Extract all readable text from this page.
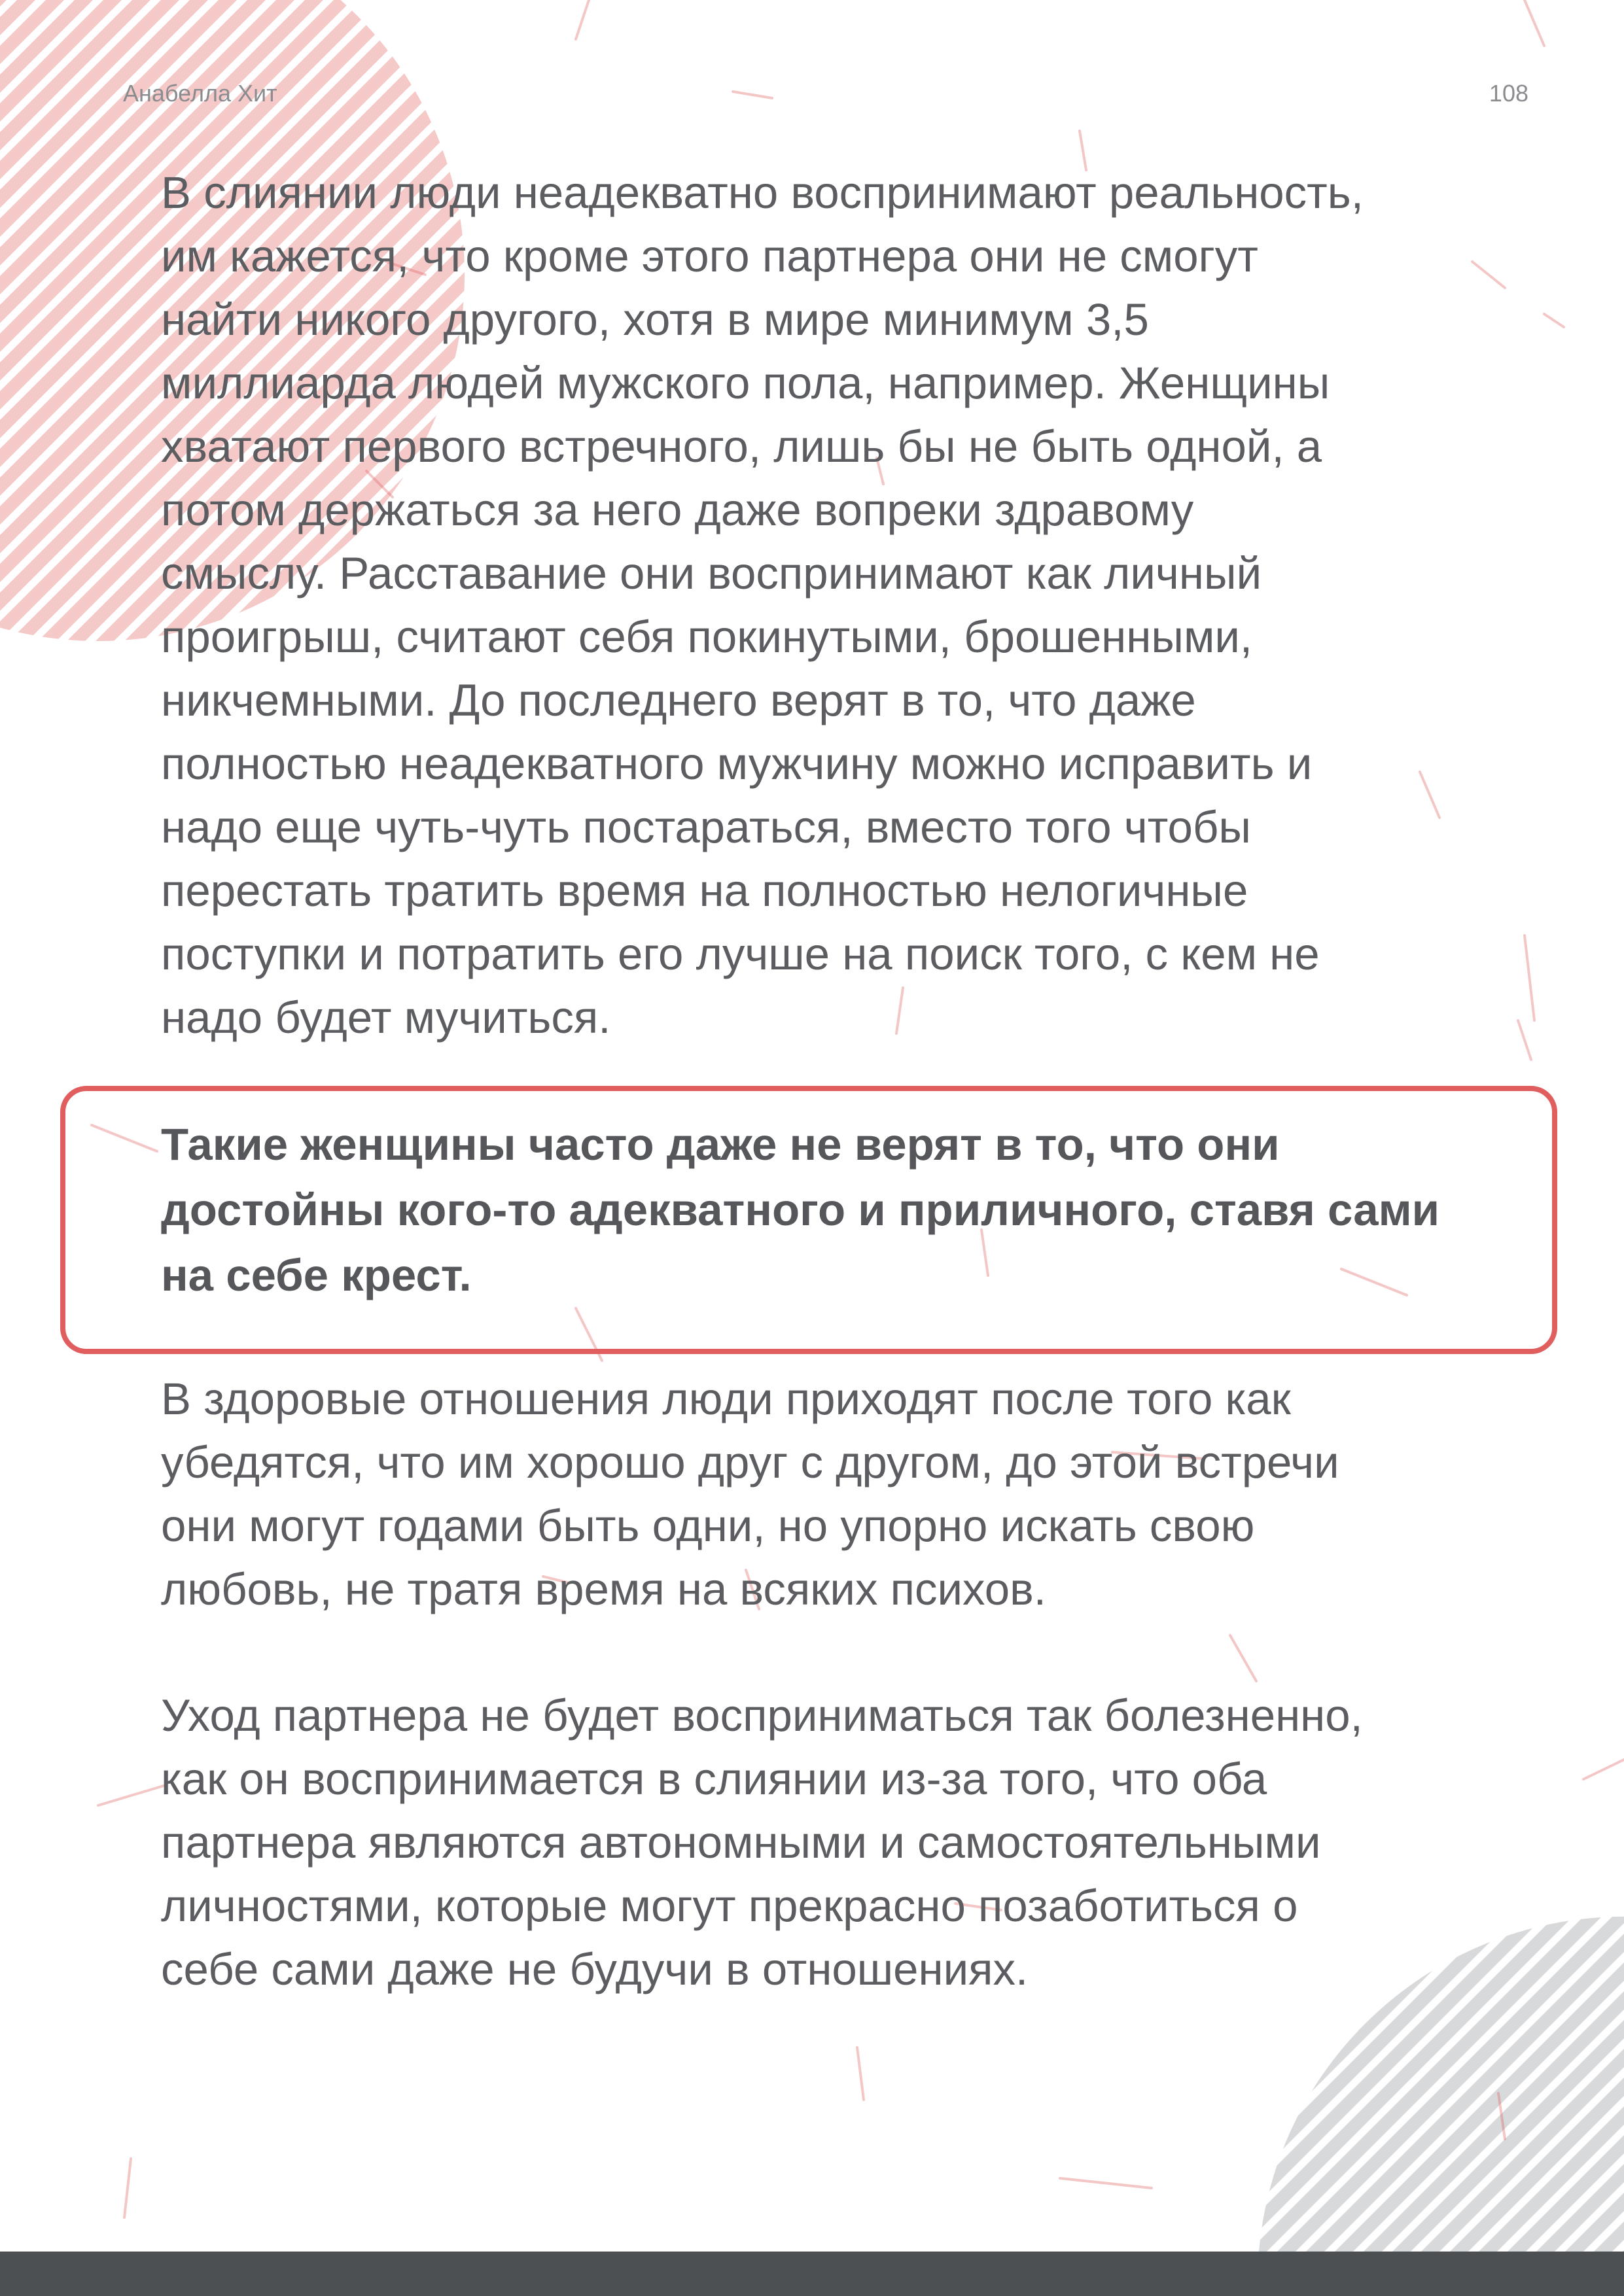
Анабелла Хит	108

В слиянии люди неадекватно воспринимают реальность,
им кажется, что кроме этого партнера они не смогут
найти никого другого, хотя в мире минимум 3,5
миллиарда людей мужского пола, например. Женщины
хватают первого встречного, лишь бы не быть одной, а
потом держаться за него даже вопреки здравому
смыслу. Расставание они воспринимают как личный
проигрыш, считают себя покинутыми, брошенными,
никчемными. До последнего верят в то, что даже
полностью неадекватного мужчину можно исправить и
надо еще чуть-чуть постараться, вместо того чтобы
перестать тратить время на полностью нелогичные
поступки и потратить его лучше на поиск того, с кем не
надо будет мучиться.

Такие женщины часто даже не верят в то, что они
достойны кого-то адекватного и приличного, ставя сами
на себе крест.

В здоровые отношения люди приходят после того как
убедятся, что им хорошо друг с другом, до этой встречи
они могут годами быть одни, но упорно искать свою
любовь, не тратя время на всяких психов.

Уход партнера не будет восприниматься так болезненно,
как он воспринимается в слиянии из-за того, что оба
партнера являются автономными и самостоятельными
личностями, которые могут прекрасно позаботиться о
себе сами даже не будучи в отношениях.
